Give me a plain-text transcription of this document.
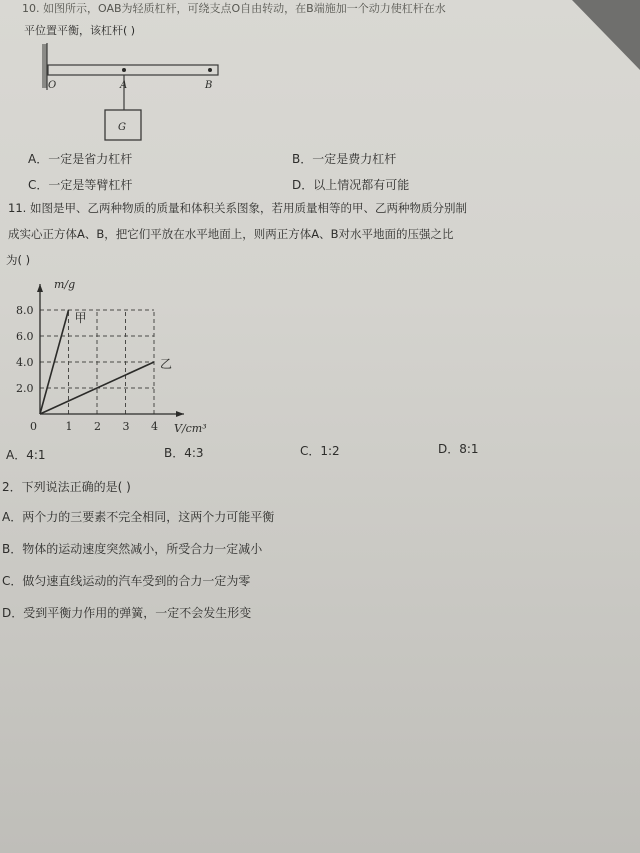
10. 如图所示，OAB为轻质杠杆，可绕支点O自由转动，在B端施加一个动力使杠杆在水
平位置平衡，该杠杆( )
O	A	B
G
A．一定是省力杠杆	B．一定是费力杠杆
C．一定是等臂杠杆	D．以上情况都有可能
11. 如图是甲、乙两种物质的质量和体积关系图象，若用质量相等的甲、乙两种物质分别制
成实心正方体A、B，把它们平放在水平地面上，则两正方体A、B对水平地面的压强之比
为( )
甲
乙
1 2 3 4
2.0
4.0
6.0
8.0
0
m/g
V/cm³
A．4:1	B．4:3	C．1:2	D．8:1
2．下列说法正确的是( )
A．两个力的三要素不完全相同，这两个力可能平衡
B．物体的运动速度突然减小，所受合力一定减小
C．做匀速直线运动的汽车受到的合力一定为零
D．受到平衡力作用的弹簧，一定不会发生形变
